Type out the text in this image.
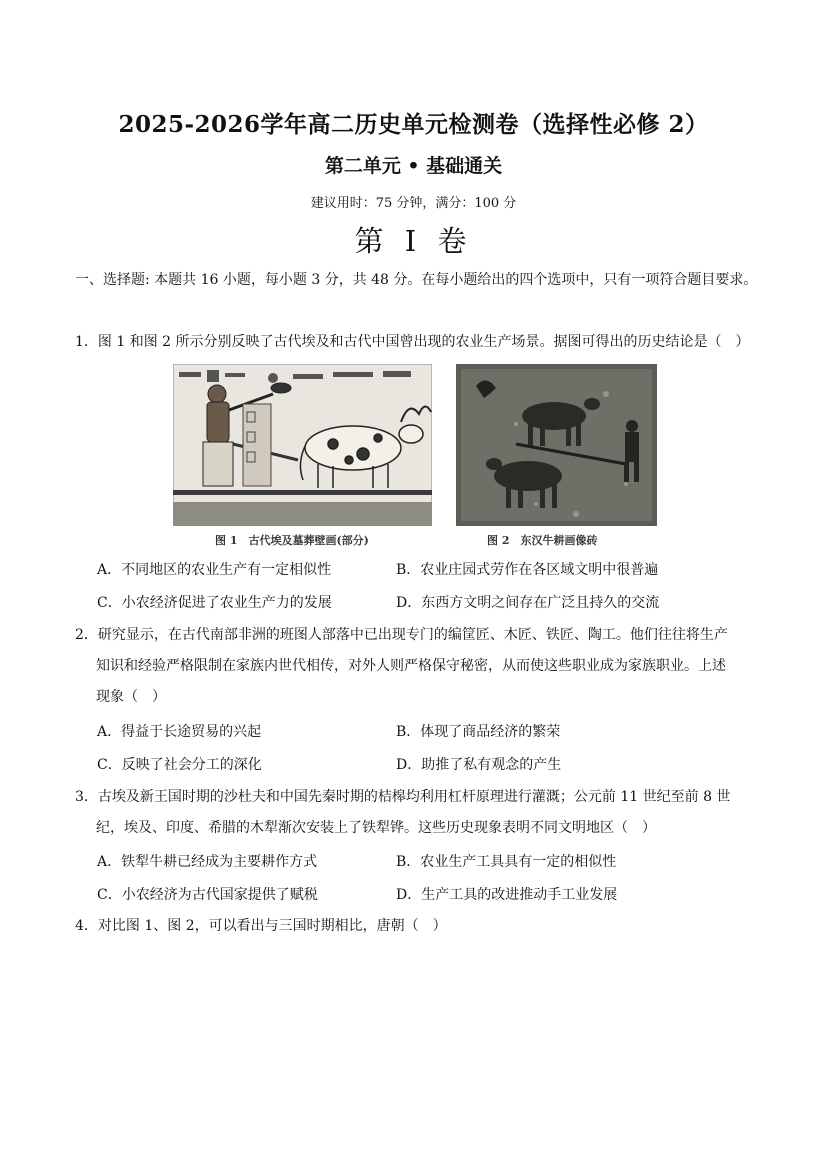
2025-2026学年高二历史单元检测卷（选择性必修 2）
第二单元 • 基础通关
建议用时：75 分钟，满分：100 分
第 I 卷
一、选择题: 本题共 16 小题，每小题 3 分，共 48 分。在每小题给出的四个选项中，只有一项符合题目要求。
1．图 1 和图 2 所示分别反映了古代埃及和古代中国曾出现的农业生产场景。据图可得出的历史结论是（　）
图 1　古代埃及墓葬壁画(部分)	图 2　东汉牛耕画像砖
A．不同地区的农业生产有一定相似性	B．农业庄园式劳作在各区域文明中很普遍
C．小农经济促进了农业生产力的发展	D．东西方文明之间存在广泛且持久的交流
2．研究显示，在古代南部非洲的班图人部落中已出现专门的编筐匠、木匠、铁匠、陶工。他们往往将生产
知识和经验严格限制在家族内世代相传，对外人则严格保守秘密，从而使这些职业成为家族职业。上述
现象（　）
A．得益于长途贸易的兴起	B．体现了商品经济的繁荣
C．反映了社会分工的深化	D．助推了私有观念的产生
3．古埃及新王国时期的沙杜夫和中国先秦时期的桔槔均利用杠杆原理进行灌溉；公元前 11 世纪至前 8 世
纪，埃及、印度、希腊的木犁渐次安装上了铁犁铧。这些历史现象表明不同文明地区（　）
A．铁犁牛耕已经成为主要耕作方式	B．农业生产工具具有一定的相似性
C．小农经济为古代国家提供了赋税	D．生产工具的改进推动手工业发展
4．对比图 1、图 2，可以看出与三国时期相比，唐朝（　）
